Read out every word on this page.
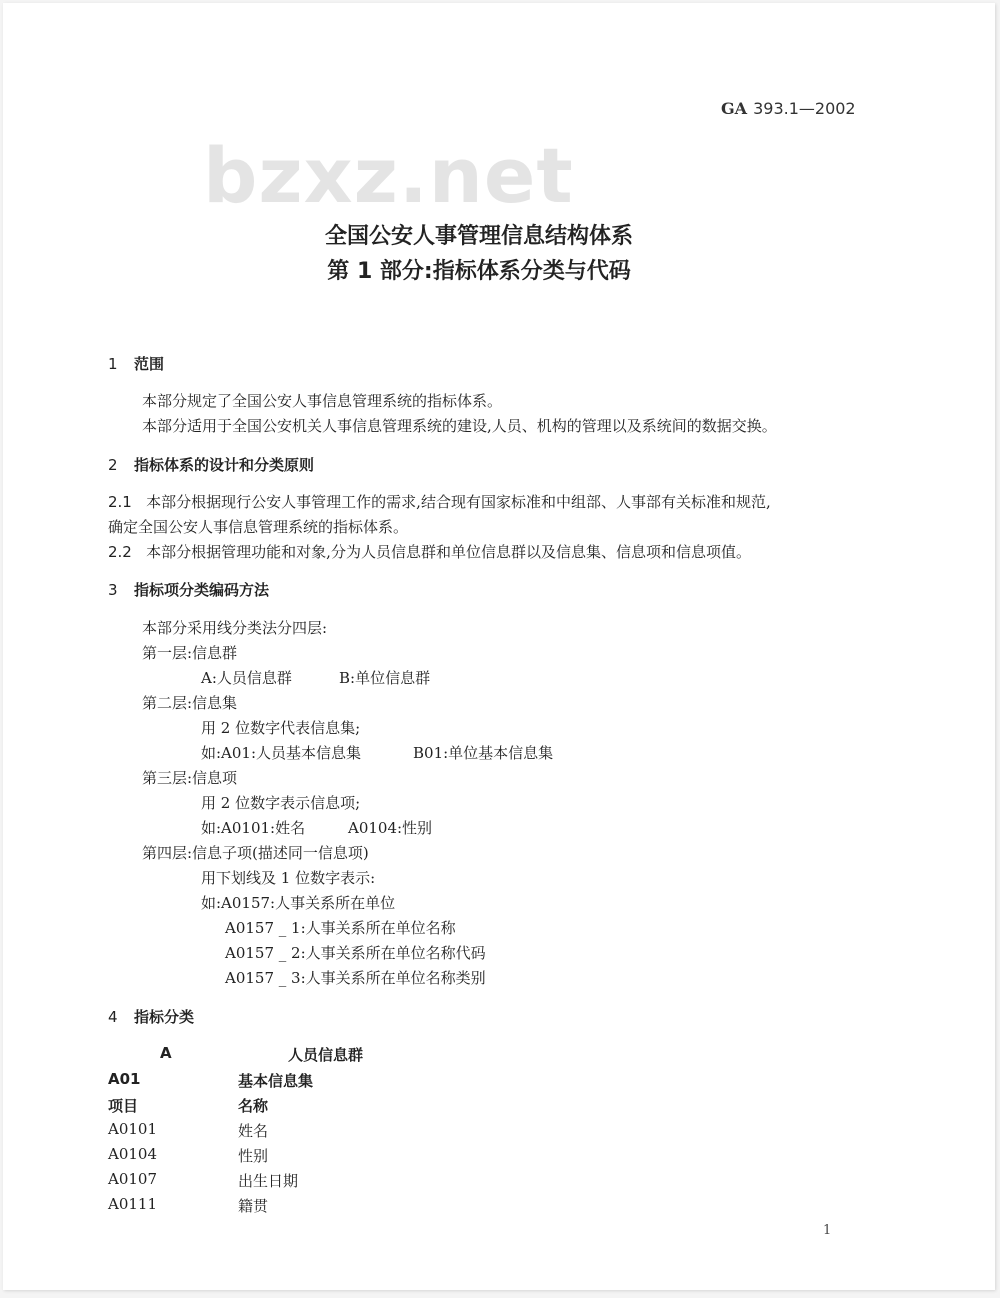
GA 393.1—2002
bzxz.net
全国公安人事管理信息结构体系
第 1 部分:指标体系分类与代码
1 范围
本部分规定了全国公安人事信息管理系统的指标体系。
本部分适用于全国公安机关人事信息管理系统的建设,人员、机构的管理以及系统间的数据交换。
2 指标体系的设计和分类原则
2.1 本部分根据现行公安人事管理工作的需求,结合现有国家标准和中组部、人事部有关标准和规范,
确定全国公安人事信息管理系统的指标体系。
2.2 本部分根据管理功能和对象,分为人员信息群和单位信息群以及信息集、信息项和信息项值。
3 指标项分类编码方法
本部分采用线分类法分四层:
第一层:信息群
A:人员信息群	B:单位信息群
第二层:信息集
用 2 位数字代表信息集;
如:A01:人员基本信息集	B01:单位基本信息集
第三层:信息项
用 2 位数字表示信息项;
如:A0101:姓名	A0104:性别
第四层:信息子项(描述同一信息项)
用下划线及 1 位数字表示:
如:A0157:人事关系所在单位
A0157 _ 1:人事关系所在单位名称
A0157 _ 2:人事关系所在单位名称代码
A0157 _ 3:人事关系所在单位名称类别
4 指标分类
A	人员信息群
A01	基本信息集
项目	名称
A0101	姓名
A0104	性别
A0107	出生日期
A0111	籍贯
1
